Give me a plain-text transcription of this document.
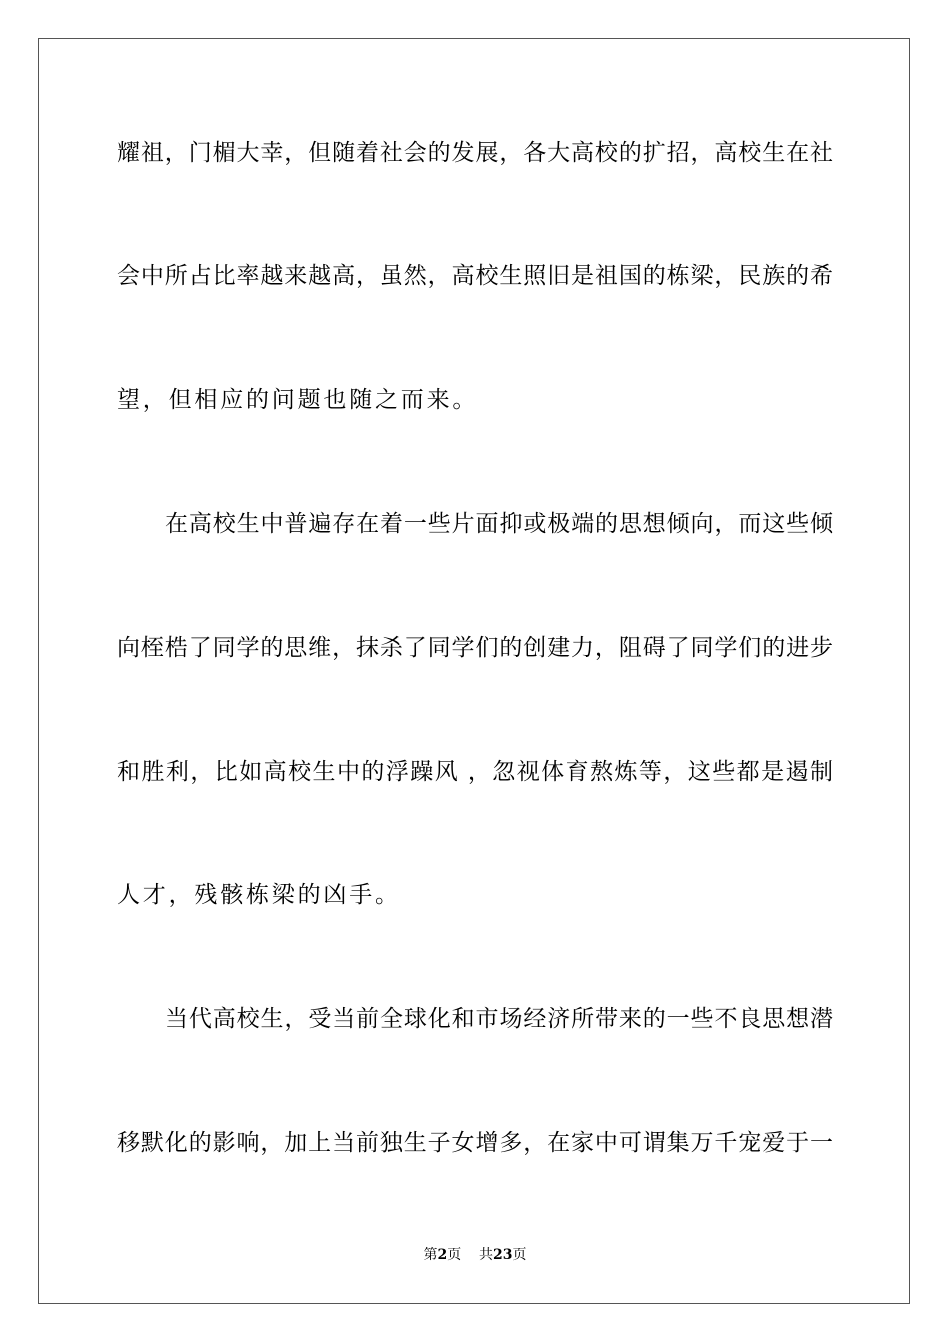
耀祖，门楣大幸，但随着社会的发展，各大高校的扩招，高校生在社

会中所占比率越来越高，虽然，高校生照旧是祖国的栋梁，民族的希

望，但相应的问题也随之而来。

在高校生中普遍存在着一些片面抑或极端的思想倾向，而这些倾

向桎梏了同学的思维，抹杀了同学们的创建力，阻碍了同学们的进步

和胜利，比如高校生中的浮躁风 ，忽视体育熬炼等，这些都是遏制

人才，残骸栋梁的凶手。

当代高校生，受当前全球化和市场经济所带来的一些不良思想潜

移默化的影响，加上当前独生子女增多，在家中可谓集万千宠爱于一

第2页 共23页
